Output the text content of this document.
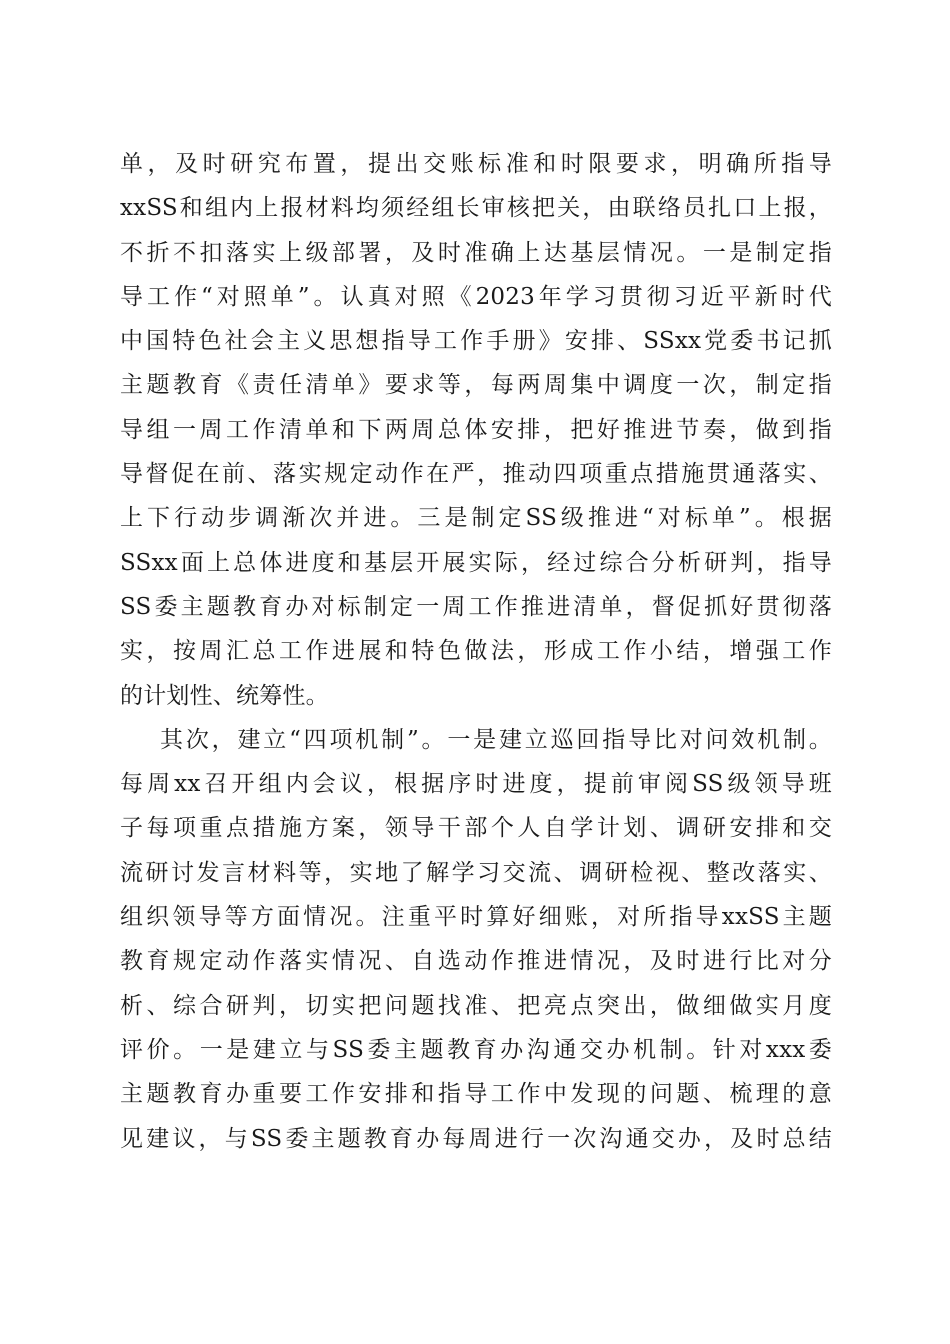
单，及时研究布置，提出交账标准和时限要求，明确所指导
xxSS和组内上报材料均须经组长审核把关，由联络员扎口上报，
不折不扣落实上级部署，及时准确上达基层情况。一是制定指
导工作“对照单”。认真对照《2023年学习贯彻习近平新时代
中国特色社会主义思想指导工作手册》安排、SSxx党委书记抓
主题教育《责任清单》要求等，每两周集中调度一次，制定指
导组一周工作清单和下两周总体安排，把好推进节奏，做到指
导督促在前、落实规定动作在严，推动四项重点措施贯通落实、
上下行动步调渐次并进。三是制定SS级推进“对标单”。根据
SSxx面上总体进度和基层开展实际，经过综合分析研判，指导
SS委主题教育办对标制定一周工作推进清单，督促抓好贯彻落
实，按周汇总工作进展和特色做法，形成工作小结，增强工作
的计划性、统筹性。
其次，建立“四项机制”。一是建立巡回指导比对问效机制。
每周xx召开组内会议，根据序时进度，提前审阅SS级领导班
子每项重点措施方案，领导干部个人自学计划、调研安排和交
流研讨发言材料等，实地了解学习交流、调研检视、整改落实、
组织领导等方面情况。注重平时算好细账，对所指导xxSS主题
教育规定动作落实情况、自选动作推进情况，及时进行比对分
析、综合研判，切实把问题找准、把亮点突出，做细做实月度
评价。一是建立与SS委主题教育办沟通交办机制。针对xxx委
主题教育办重要工作安排和指导工作中发现的问题、梳理的意
见建议，与SS委主题教育办每周进行一次沟通交办，及时总结
